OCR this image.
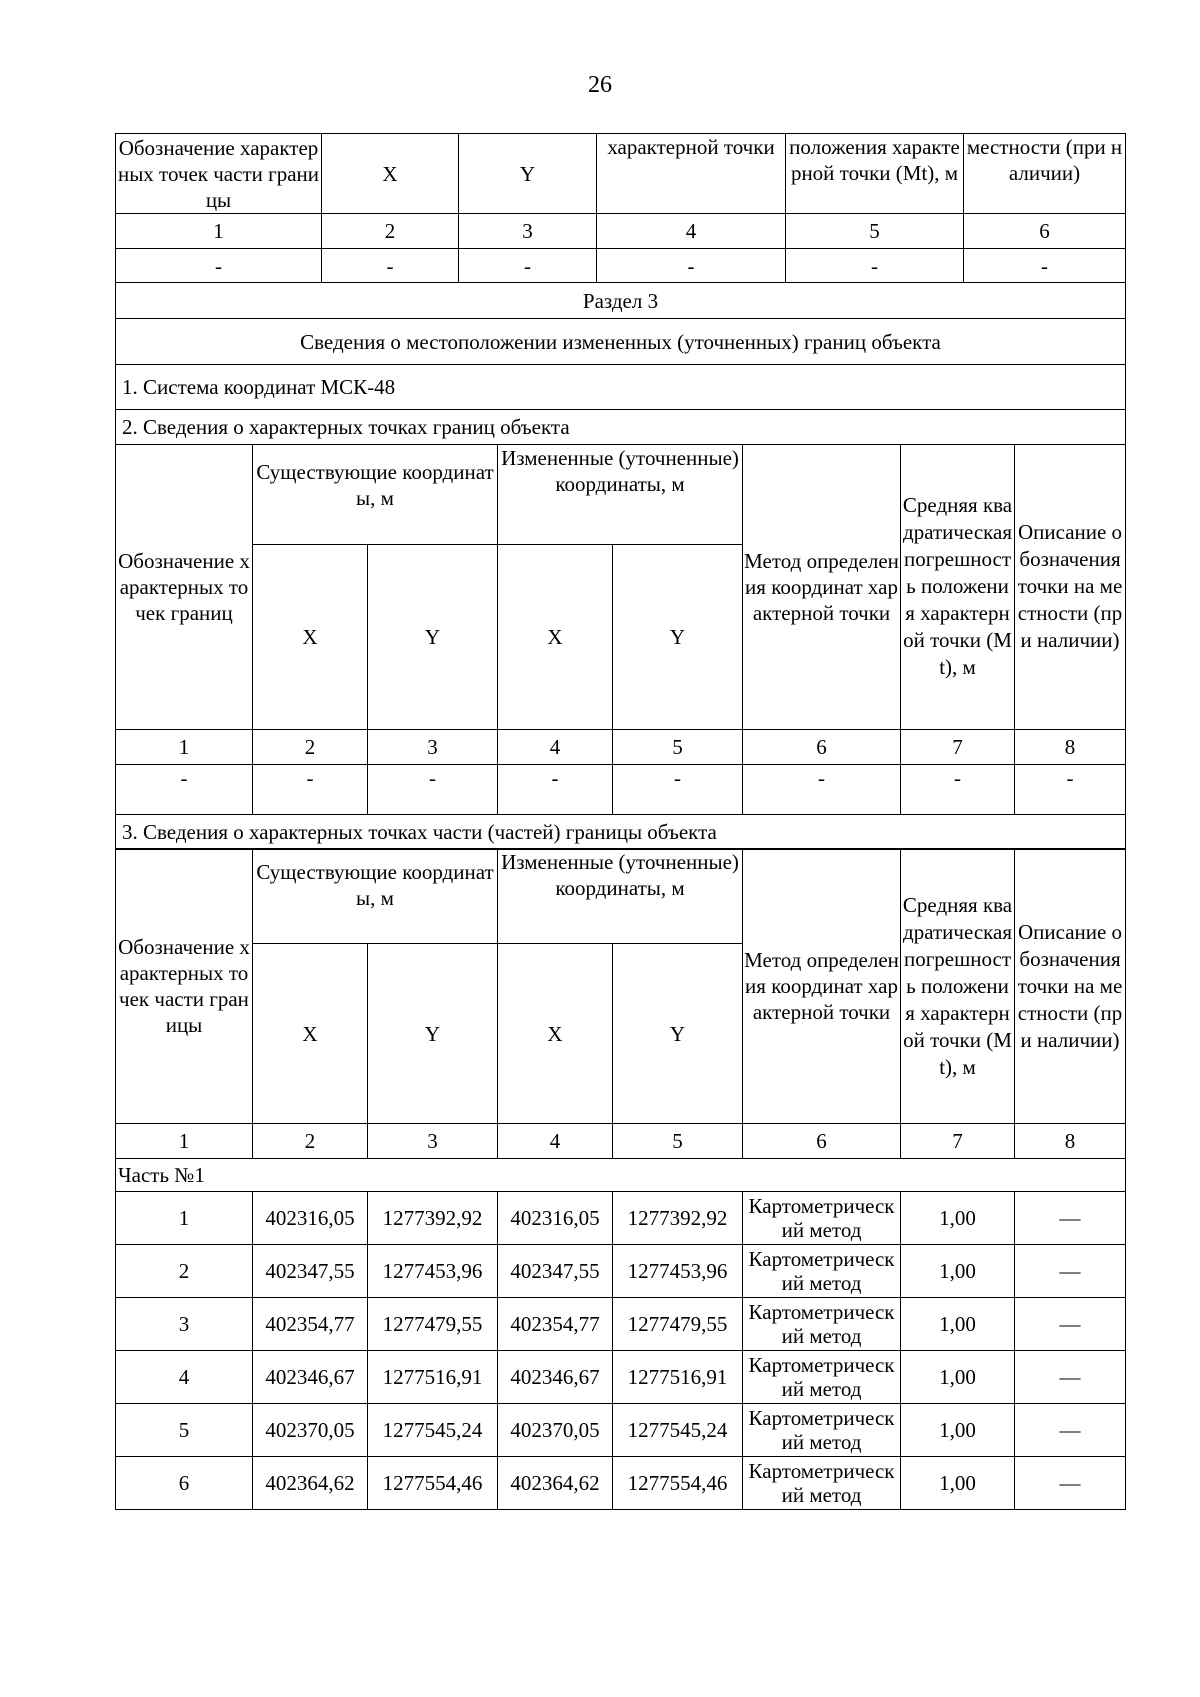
26
Обозначение характерных точек части границы	X	Y	характерной точки	положения характерной точки (Mt), м	местности (при наличии)
1	2	3	4	5	6
-	-	-	-	-	-
Раздел 3					
Сведения о местоположении измененных (уточненных) границ объекта					
1. Система координат МСК-48					
2. Сведения о характерных точках границ объекта					
Обозначение характерных точек границ	Существующие координаты, м		Измененные (уточненные) координаты, м		Метод определения координат характерной точки	Средняя квадратическая погрешность положения характерной точки (Mt), м	Описание обозначения точки на местности (при наличии)
	X	Y	X	Y			
1	2	3	4	5	6	7	8
-	-	-	-	-	-	-	-
3. Сведения о характерных точках части (частей) границы объекта							
Обозначение характерных точек части границы	Существующие координаты, м		Измененные (уточненные) координаты, м		Метод определения координат характерной точки	Средняя квадратическая погрешность положения характерной точки (Mt), м	Описание обозначения точки на местности (при наличии)
	X	Y	X	Y			
1	2	3	4	5	6	7	8
Часть №1							
1	402316,05	1277392,92	402316,05	1277392,92	Картометрический метод	1,00	—
2	402347,55	1277453,96	402347,55	1277453,96	Картометрический метод	1,00	—
3	402354,77	1277479,55	402354,77	1277479,55	Картометрический метод	1,00	—
4	402346,67	1277516,91	402346,67	1277516,91	Картометрический метод	1,00	—
5	402370,05	1277545,24	402370,05	1277545,24	Картометрический метод	1,00	—
6	402364,62	1277554,46	402364,62	1277554,46	Картометрический метод	1,00	—
